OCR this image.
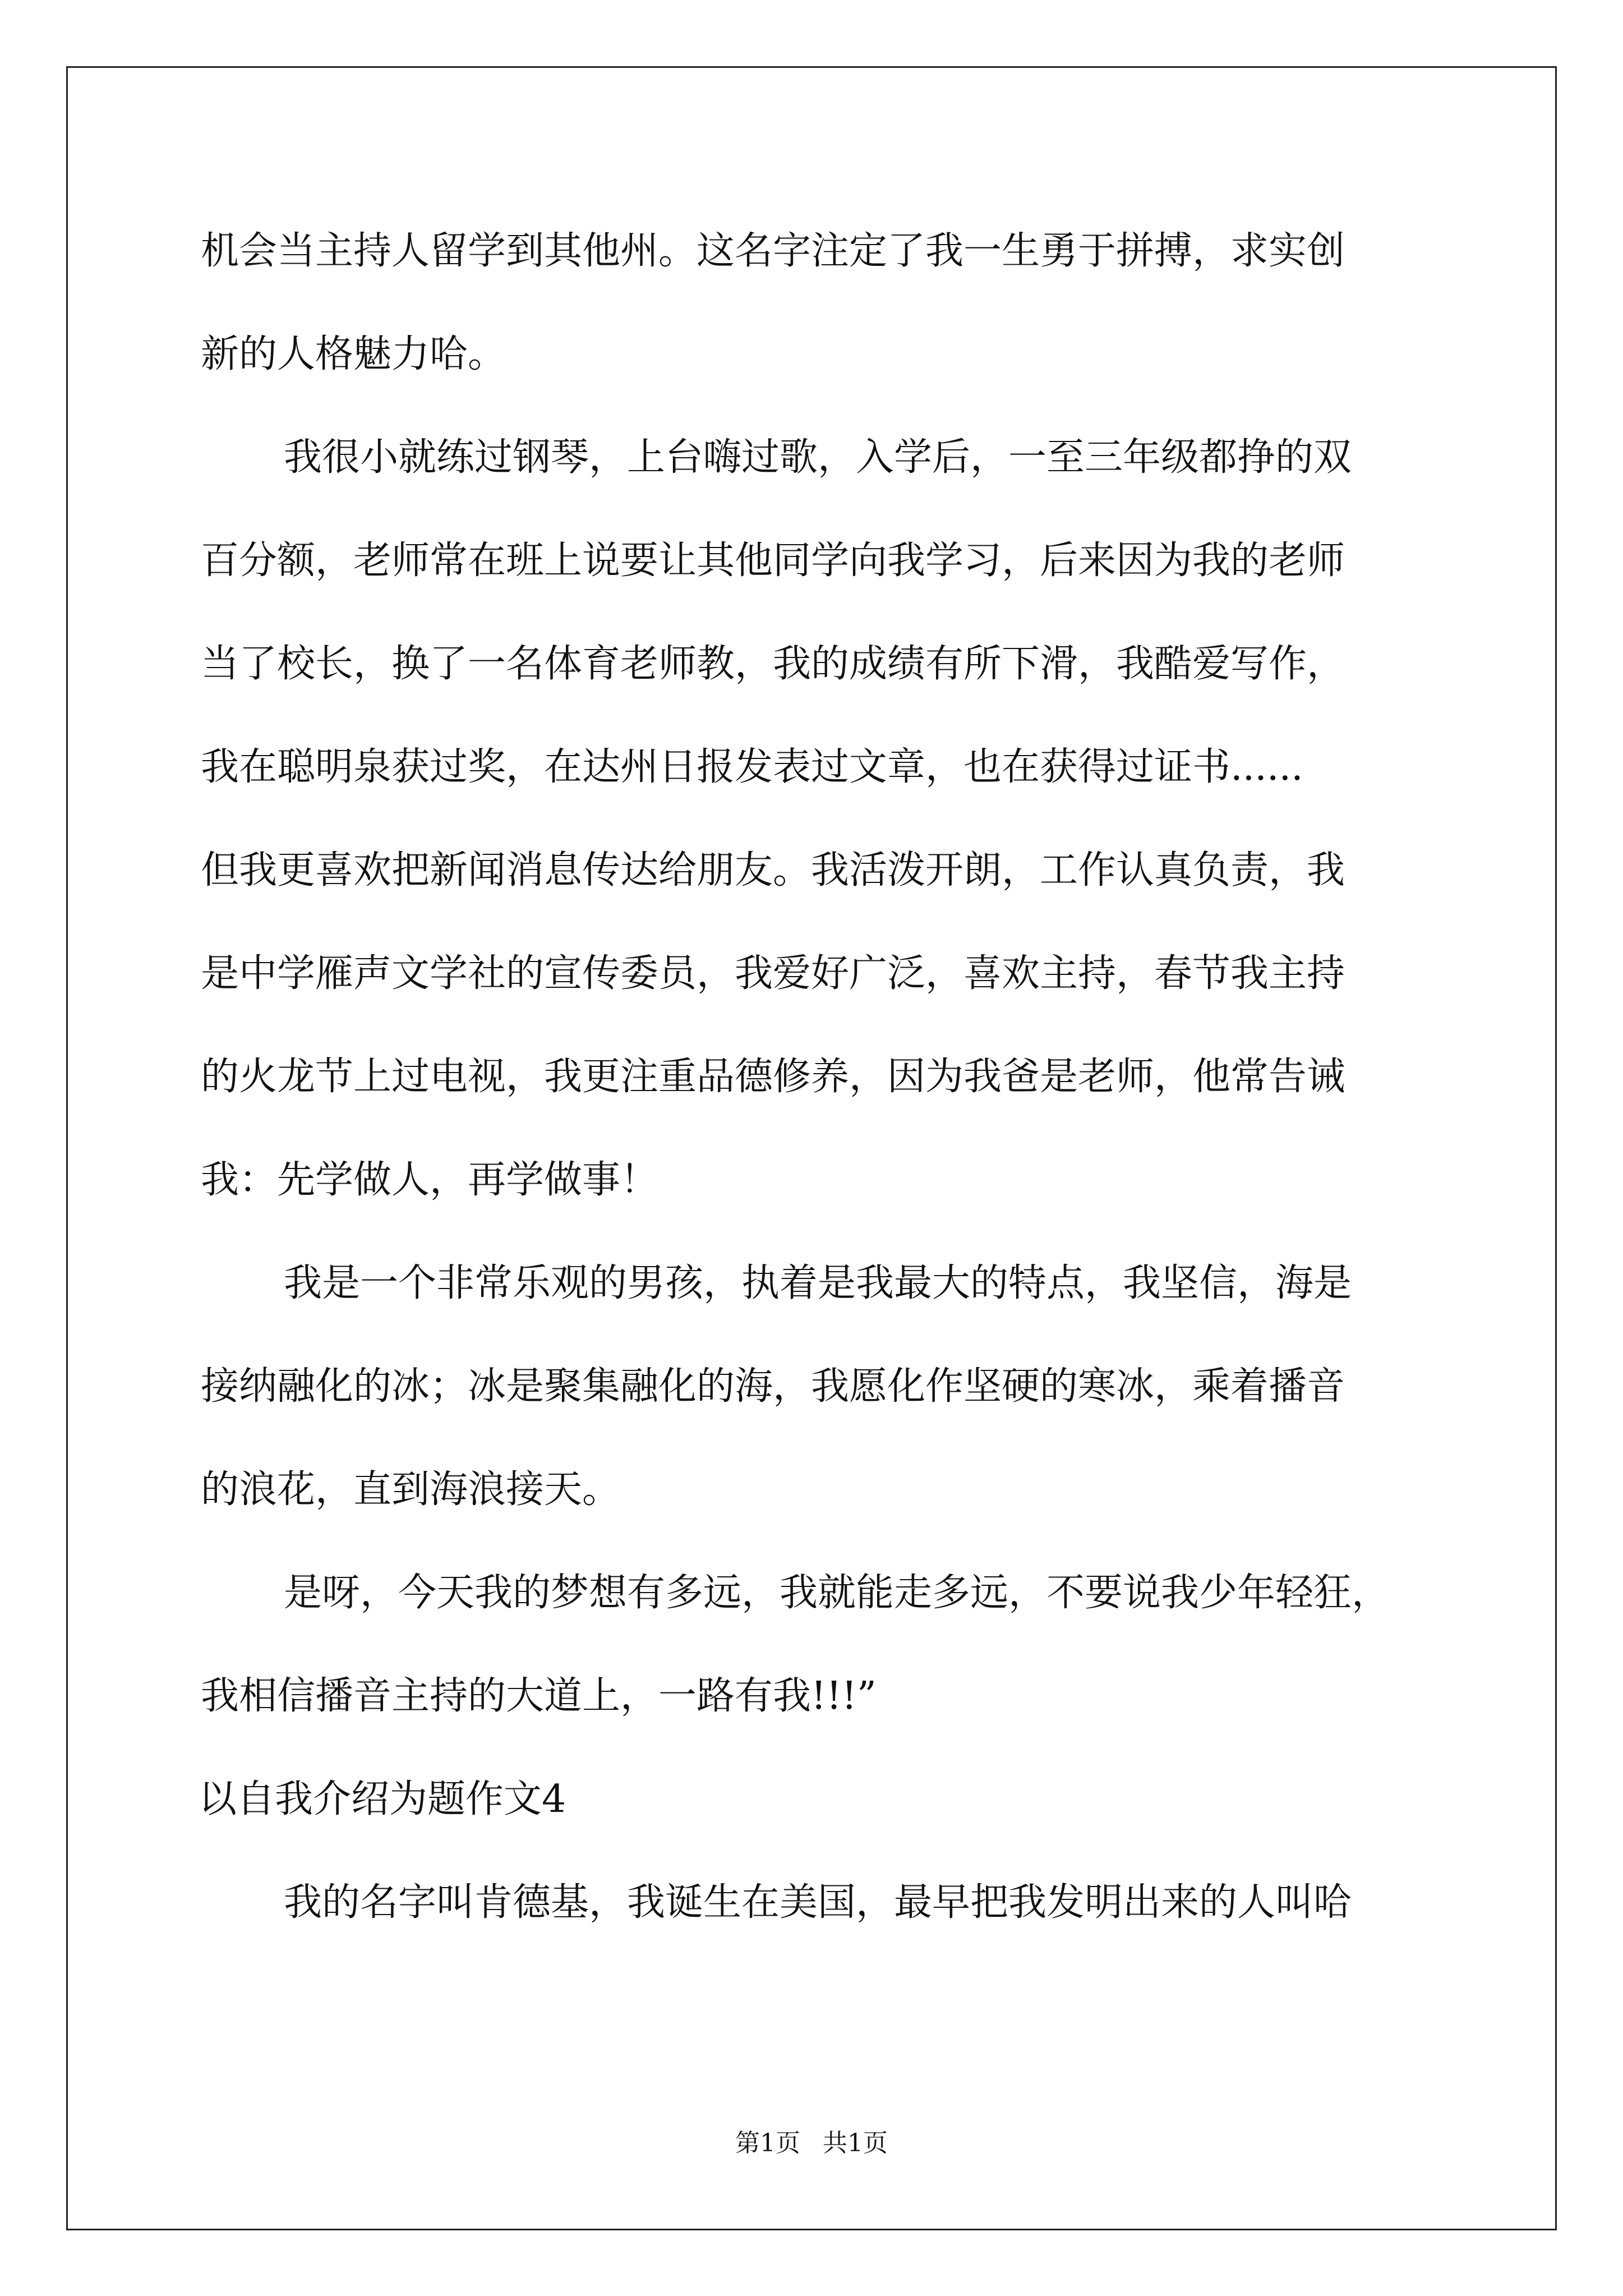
机会当主持人留学到其他州。这名字注定了我一生勇于拼搏，求实创
新的人格魅力哈。
我很小就练过钢琴，上台嗨过歌，入学后，一至三年级都挣的双
百分额，老师常在班上说要让其他同学向我学习，后来因为我的老师
当了校长，换了一名体育老师教，我的成绩有所下滑，我酷爱写作，
我在聪明泉获过奖，在达州日报发表过文章，也在获得过证书......
但我更喜欢把新闻消息传达给朋友。我活泼开朗，工作认真负责，我
是中学雁声文学社的宣传委员，我爱好广泛，喜欢主持，春节我主持
的火龙节上过电视，我更注重品德修养，因为我爸是老师，他常告诫
我：先学做人，再学做事！
我是一个非常乐观的男孩，执着是我最大的特点，我坚信，海是
接纳融化的冰；冰是聚集融化的海，我愿化作坚硬的寒冰，乘着播音
的浪花，直到海浪接天。
是呀，今天我的梦想有多远，我就能走多远，不要说我少年轻狂，
我相信播音主持的大道上，一路有我!!!”
以自我介绍为题作文4
我的名字叫肯德基，我诞生在美国，最早把我发明出来的人叫哈
第1页 共1页
